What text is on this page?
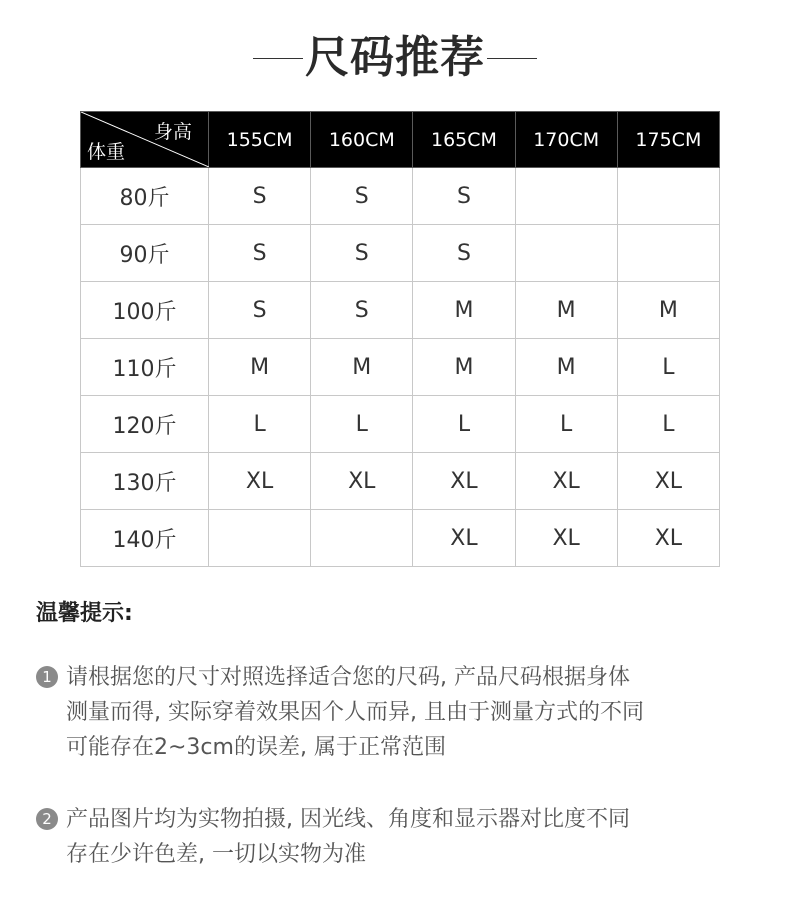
尺码推荐
身高
体重	155CM	160CM	165CM	170CM	175CM
80斤	S	S	S		
90斤	S	S	S		
100斤	S	S	M	M	M
110斤	M	M	M	M	L
120斤	L	L	L	L	L
130斤	XL	XL	XL	XL	XL
140斤			XL	XL	XL
温馨提示:
1 请根据您的尺寸对照选择适合您的尺码, 产品尺码根据身体
测量而得, 实际穿着效果因个人而异, 且由于测量方式的不同
可能存在2~3cm的误差, 属于正常范围
2 产品图片均为实物拍摄, 因光线、角度和显示器对比度不同
存在少许色差, 一切以实物为准
